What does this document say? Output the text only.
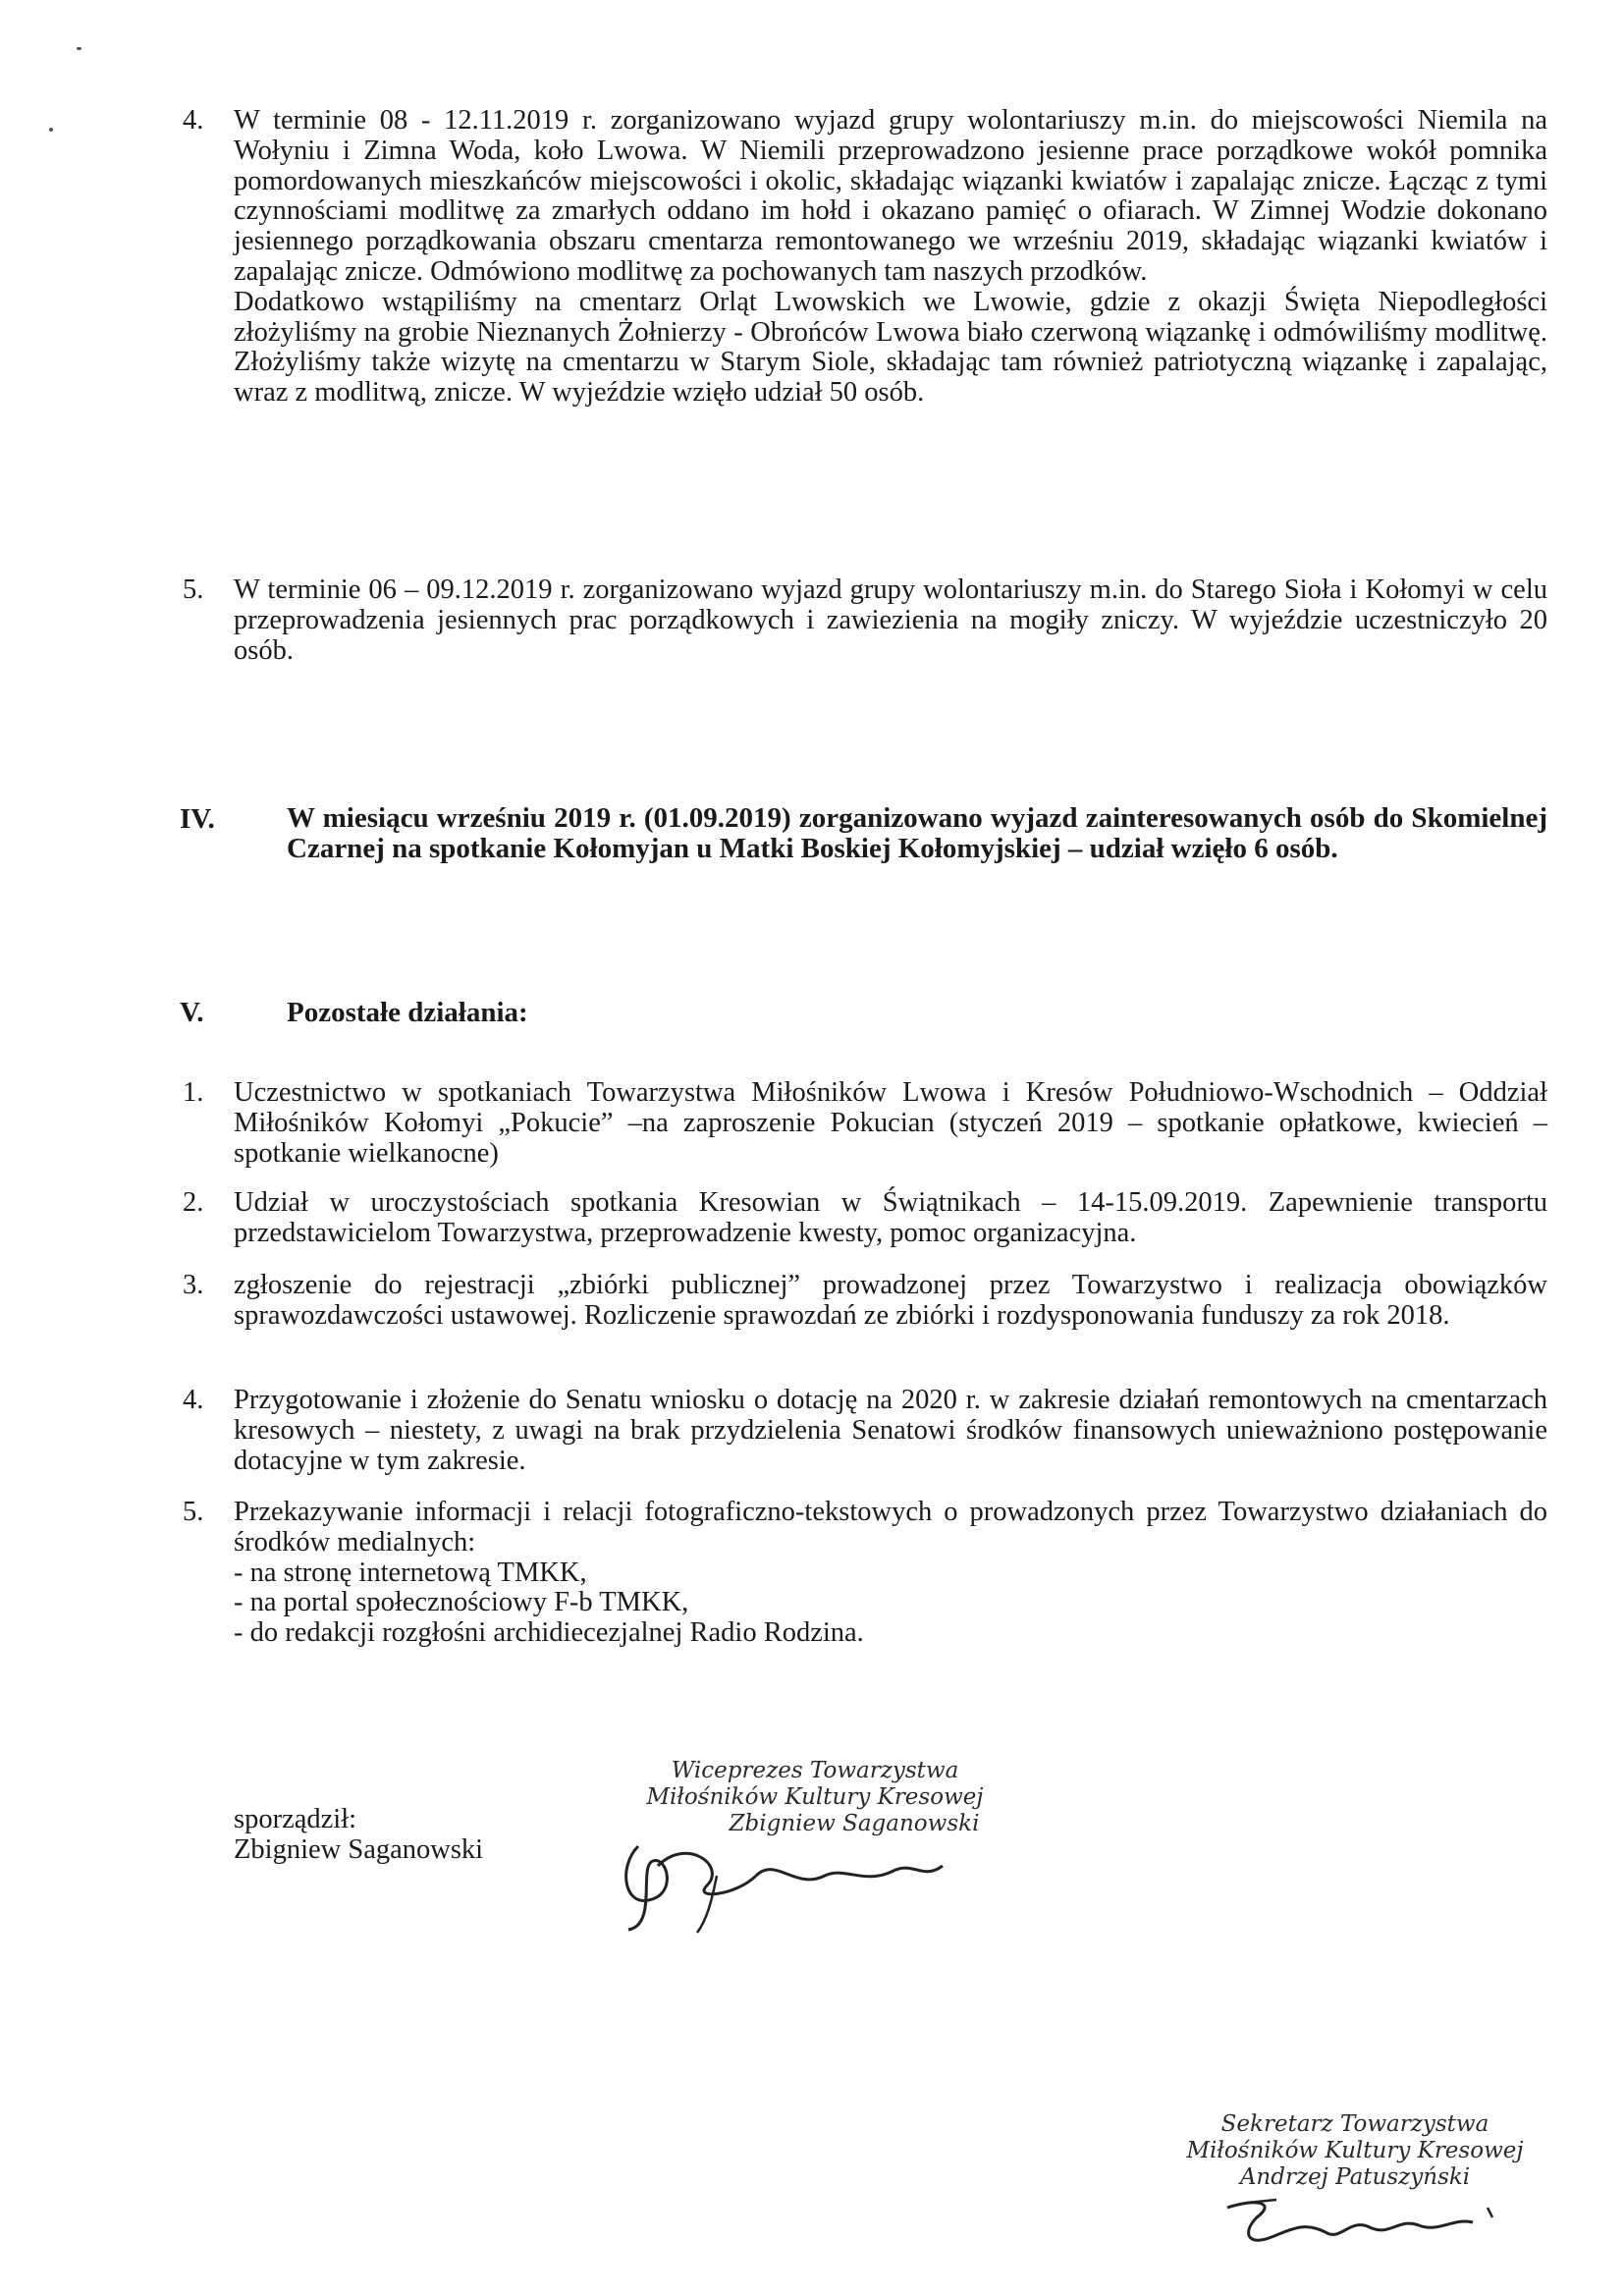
4. W terminie 08 - 12.11.2019 r. zorganizowano wyjazd grupy wolontariuszy m.in. do miejscowości Niemila na Wołyniu i Zimna Woda, koło Lwowa. W Niemili przeprowadzono jesienne prace porządkowe wokół pomnika pomordowanych mieszkańców miejscowości i okolic, składając wiązanki kwiatów i zapalając znicze. Łącząc z tymi czynnościami modlitwę za zmarłych oddano im hołd i okazano pamięć o ofiarach. W Zimnej Wodzie dokonano jesiennego porządkowania obszaru cmentarza remontowanego we wrześniu 2019, składając wiązanki kwiatów i zapalając znicze. Odmówiono modlitwę za pochowanych tam naszych przodków.
Dodatkowo wstąpiliśmy na cmentarz Orląt Lwowskich we Lwowie, gdzie z okazji Święta Niepodległości złożyliśmy na grobie Nieznanych Żołnierzy - Obrońców Lwowa biało czerwoną wiązankę i odmówiliśmy modlitwę. Złożyliśmy także wizytę na cmentarzu w Starym Siole, składając tam również patriotyczną wiązankę i zapalając, wraz z modlitwą, znicze. W wyjeździe wzięło udział 50 osób.
5. W terminie 06 – 09.12.2019 r. zorganizowano wyjazd grupy wolontariuszy m.in. do Starego Sioła i Kołomyi w celu przeprowadzenia jesiennych prac porządkowych i zawiezienia na mogiły zniczy. W wyjeździe uczestniczyło 20 osób.
IV.	W miesiącu wrześniu 2019 r. (01.09.2019) zorganizowano wyjazd zainteresowanych osób do Skomielnej Czarnej na spotkanie Kołomyjan u Matki Boskiej Kołomyjskiej – udział wzięło 6 osób.
V.	Pozostałe działania:
1. Uczestnictwo w spotkaniach Towarzystwa Miłośników Lwowa i Kresów Południowo-Wschodnich – Oddział Miłośników Kołomyi „Pokucie” –na zaproszenie Pokucian (styczeń 2019 – spotkanie opłatkowe, kwiecień – spotkanie wielkanocne)
2. Udział w uroczystościach spotkania Kresowian w Świątnikach – 14-15.09.2019. Zapewnienie transportu przedstawicielom Towarzystwa, przeprowadzenie kwesty, pomoc organizacyjna.
3. zgłoszenie do rejestracji „zbiórki publicznej” prowadzonej przez Towarzystwo i realizacja obowiązków sprawozdawczości ustawowej. Rozliczenie sprawozdań ze zbiórki i rozdysponowania funduszy za rok 2018.
4. Przygotowanie i złożenie do Senatu wniosku o dotację na 2020 r. w zakresie działań remontowych na cmentarzach kresowych – niestety, z uwagi na brak przydzielenia Senatowi środków finansowych unieważniono postępowanie dotacyjne w tym zakresie.
5. Przekazywanie informacji i relacji fotograficzno-tekstowych o prowadzonych przez Towarzystwo działaniach do środków medialnych:
- na stronę internetową TMKK,
- na portal społecznościowy F-b TMKK,
- do redakcji rozgłośni archidiecezjalnej Radio Rodzina.
sporządził:
Zbigniew Saganowski
Wiceprezes Towarzystwa
Miłośników Kultury Kresowej
Zbigniew Saganowski
Sekretarz Towarzystwa
Miłośników Kultury Kresowej
Andrzej Patuszyński
